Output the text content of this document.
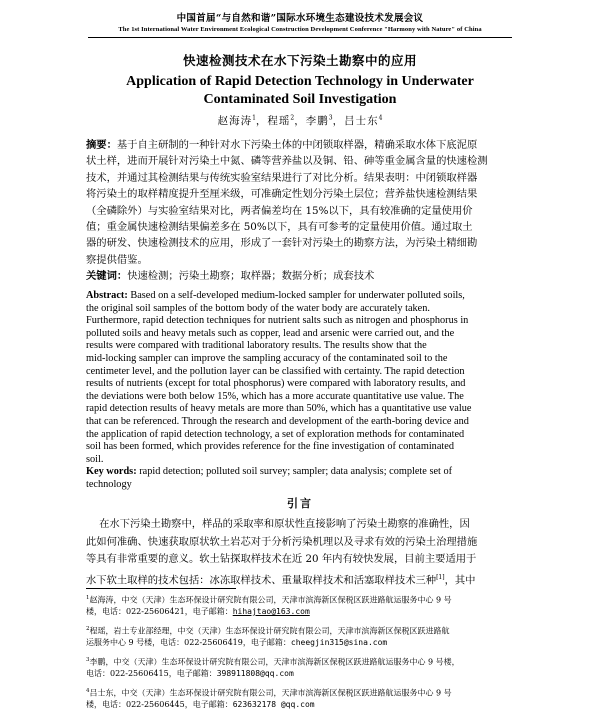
中国首届“与自然和谐”国际水环境生态建设技术发展会议
The 1st International Water Environment Ecological Construction Development Conference "Harmony with Nature" of China
快速检测技术在水下污染土勘察中的应用
Application of Rapid Detection Technology in Underwater
Contaminated Soil Investigation
赵海涛$^1$，程瑶$^2$，李鹏$^3$，吕士东$^4$
摘要：基于自主研制的一种针对水下污染土体的中闭锁取样器，精确采取水体下底泥原
状土样，进而开展针对污染土中氮、磷等营养盐以及铜、铅、砷等重金属含量的快速检测
技术，并通过其检测结果与传统实验室结果进行了对比分析。结果表明：中闭锁取样器
将污染土的取样精度提升至厘米级，可准确定性划分污染土层位；营养盐快速检测结果
（全磷除外）与实验室结果对比，两者偏差均在 15%以下，具有较准确的定量使用价
值；重金属快速检测结果偏差多在 50%以下，具有可参考的定量使用价值。通过取土
器的研发、快速检测技术的应用，形成了一套针对污染土的勘察方法，为污染土精细勘
察提供借鉴。
关键词：快速检测；污染土勘察；取样器；数据分析；成套技术
Abstract: Based on a self-developed medium-locked sampler for underwater polluted soils,
the original soil samples of the bottom body of the water body are accurately taken.
Furthermore, rapid detection techniques for nutrient salts such as nitrogen and phosphorus in
polluted soils and heavy metals such as copper, lead and arsenic were carried out, and the
results were compared with traditional laboratory results. The results show that the
mid-locking sampler can improve the sampling accuracy of the contaminated soil to the
centimeter level, and the pollution layer can be classified with certainty. The rapid detection
results of nutrients (except for total phosphorus) were compared with laboratory results, and
the deviations were both below 15%, which has a more accurate quantitative use value. The
rapid detection results of heavy metals are more than 50%, which has a quantitative use value
that can be referenced. Through the research and development of the earth-boring device and
the application of rapid detection technology, a set of exploration methods for contaminated
soil has been formed, which provides reference for the fine investigation of contaminated
soil.
Key words: rapid detection; polluted soil survey; sampler; data analysis; complete set of
technology
引言
在水下污染土勘察中，样品的采取率和原状性直接影响了污染土勘察的准确性，因
此如何准确、快速获取原状软土岩芯对于分析污染机理以及寻求有效的污染土治理措施
等具有非常重要的意义。软土钻探取样技术在近 20 年内有较快发展，目前主要适用于
水下软土取样的技术包括：冰冻取样技术、重量取样技术和活塞取样技术三种[1]，其中
$^1$赵海涛，中交（天津）生态环保设计研究院有限公司，天津市滨海新区保税区跃进路航运服务中心 9 号
楼，电话：022-25606421，电子邮箱：hihajtao@163.com
$^2$程瑶，岩土专业部经理，中交（天津）生态环保设计研究院有限公司，天津市滨海新区保税区跃进路航
运服务中心 9 号楼，电话：022-25606419，电子邮箱：cheegjin315@sina.com
$^3$李鹏，中交（天津）生态环保设计研究院有限公司，天津市滨海新区保税区跃进路航运服务中心 9 号楼，
电话：022-25606415，电子邮箱：398911808@qq.com
$^4$吕士东，中交（天津）生态环保设计研究院有限公司，天津市滨海新区保税区跃进路航运服务中心 9 号
楼，电话：022-25606445，电子邮箱：623632178 @qq.com
